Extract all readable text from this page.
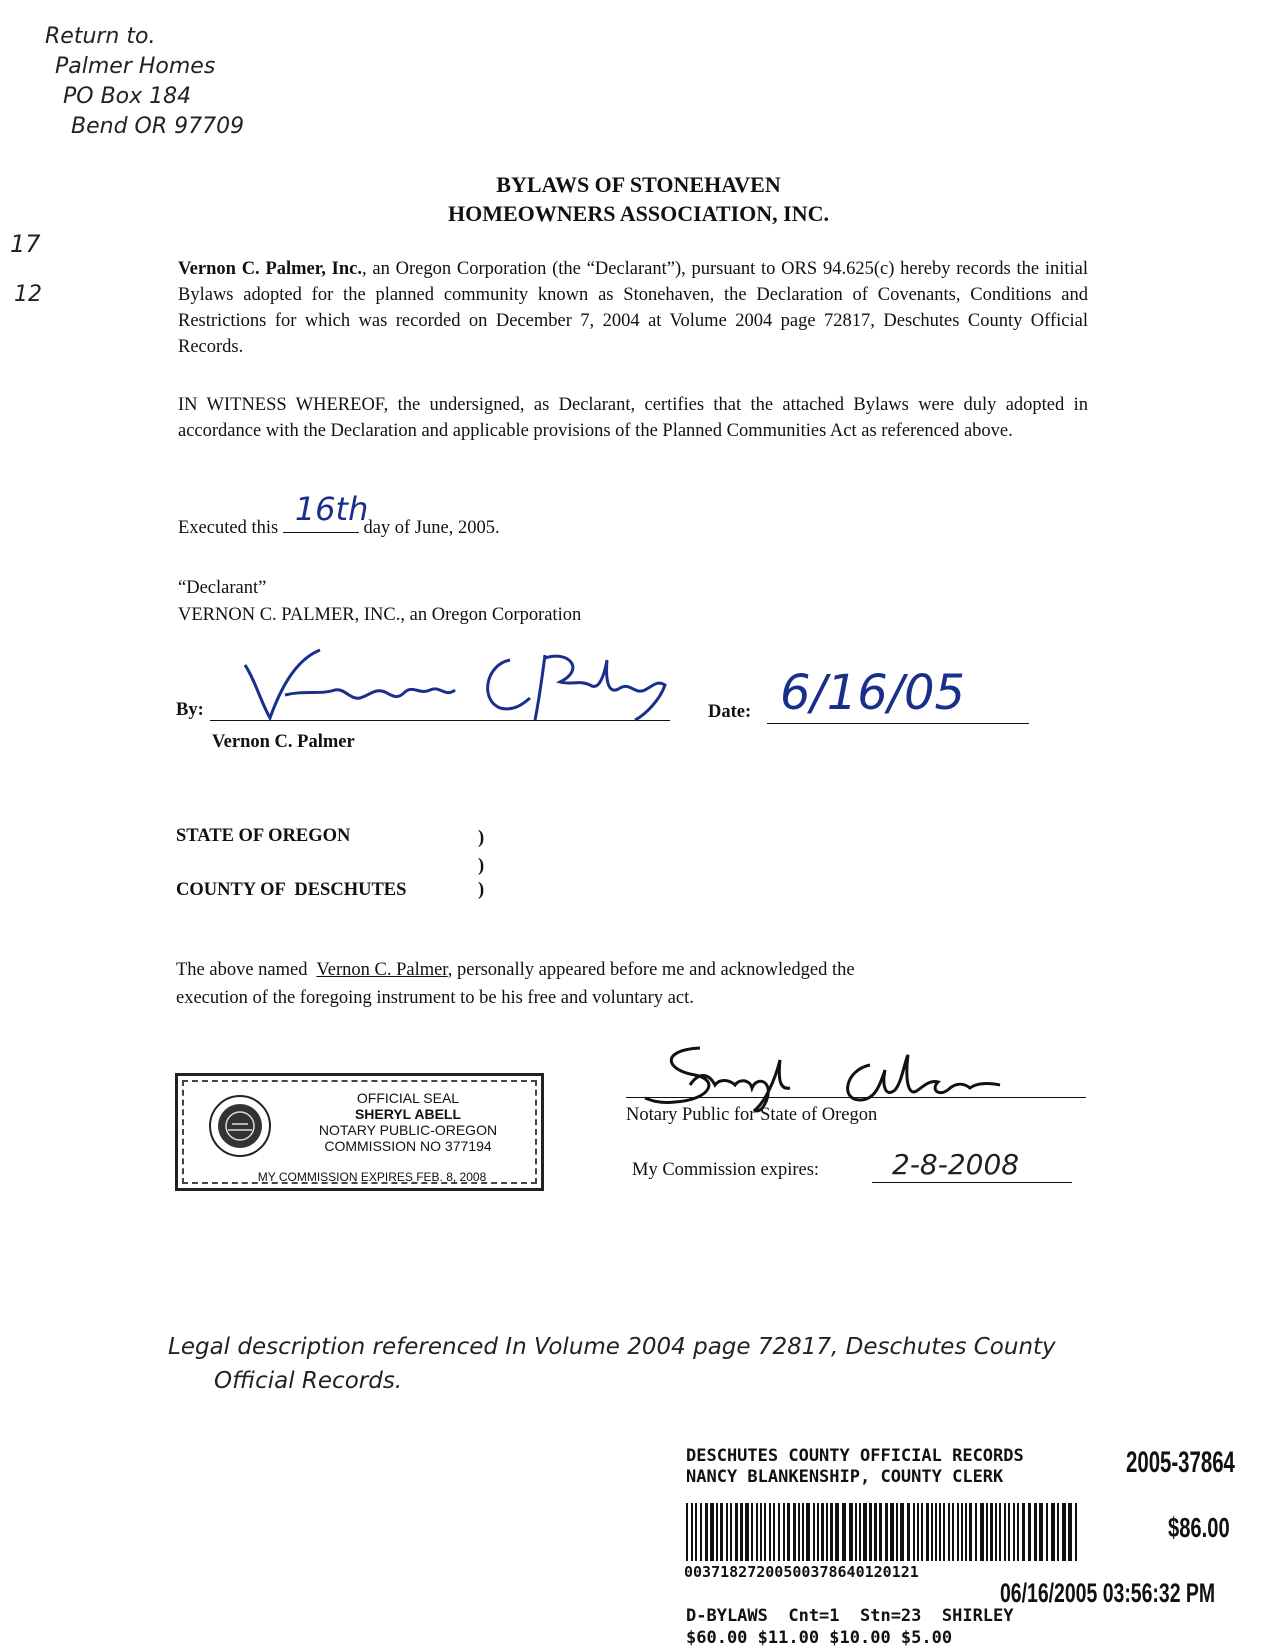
Return to.
Palmer Homes
PO Box 184
Bend OR 97709
17
12
BYLAWS OF STONEHAVEN
HOMEOWNERS ASSOCIATION, INC.
Vernon C. Palmer, Inc., an Oregon Corporation (the “Declarant”), pursuant to ORS 94.625(c) hereby records the initial Bylaws adopted for the planned community known as Stonehaven, the Declaration of Covenants, Conditions and Restrictions for which was recorded on December 7, 2004 at Volume 2004 page 72817, Deschutes County Official Records.
IN WITNESS WHEREOF, the undersigned, as Declarant, certifies that the attached Bylaws were duly adopted in accordance with the Declaration and applicable provisions of the Planned Communities Act as referenced above.
Executed this 16th
day of June, 2005.
“Declarant”
VERNON C. PALMER, INC., an Oregon Corporation
By:
Vernon C. Palmer
Date: 6/16/05
STATE OF OREGON	)
)
COUNTY OF  DESCHUTES	)
The above named Vernon C. Palmer, personally appeared before me and acknowledged the
execution of the foregoing instrument to be his free and voluntary act.
Notary Public for State of Oregon
My Commission expires:	2-8-2008
OFFICIAL SEAL
SHERYL ABELL
NOTARY PUBLIC-OREGON
COMMISSION NO 377194
MY COMMISSION EXPIRES FEB. 8, 2008
Legal description referenced In Volume 2004 page 72817, Deschutes County
Official Records.
DESCHUTES COUNTY OFFICIAL RECORDS
NANCY BLANKENSHIP, COUNTY CLERK	2005-37864
$86.00
00371827200500378640120121
06/16/2005 03:56:32 PM
D-BYLAWS  Cnt=1  Stn=23  SHIRLEY
$60.00 $11.00 $10.00 $5.00
